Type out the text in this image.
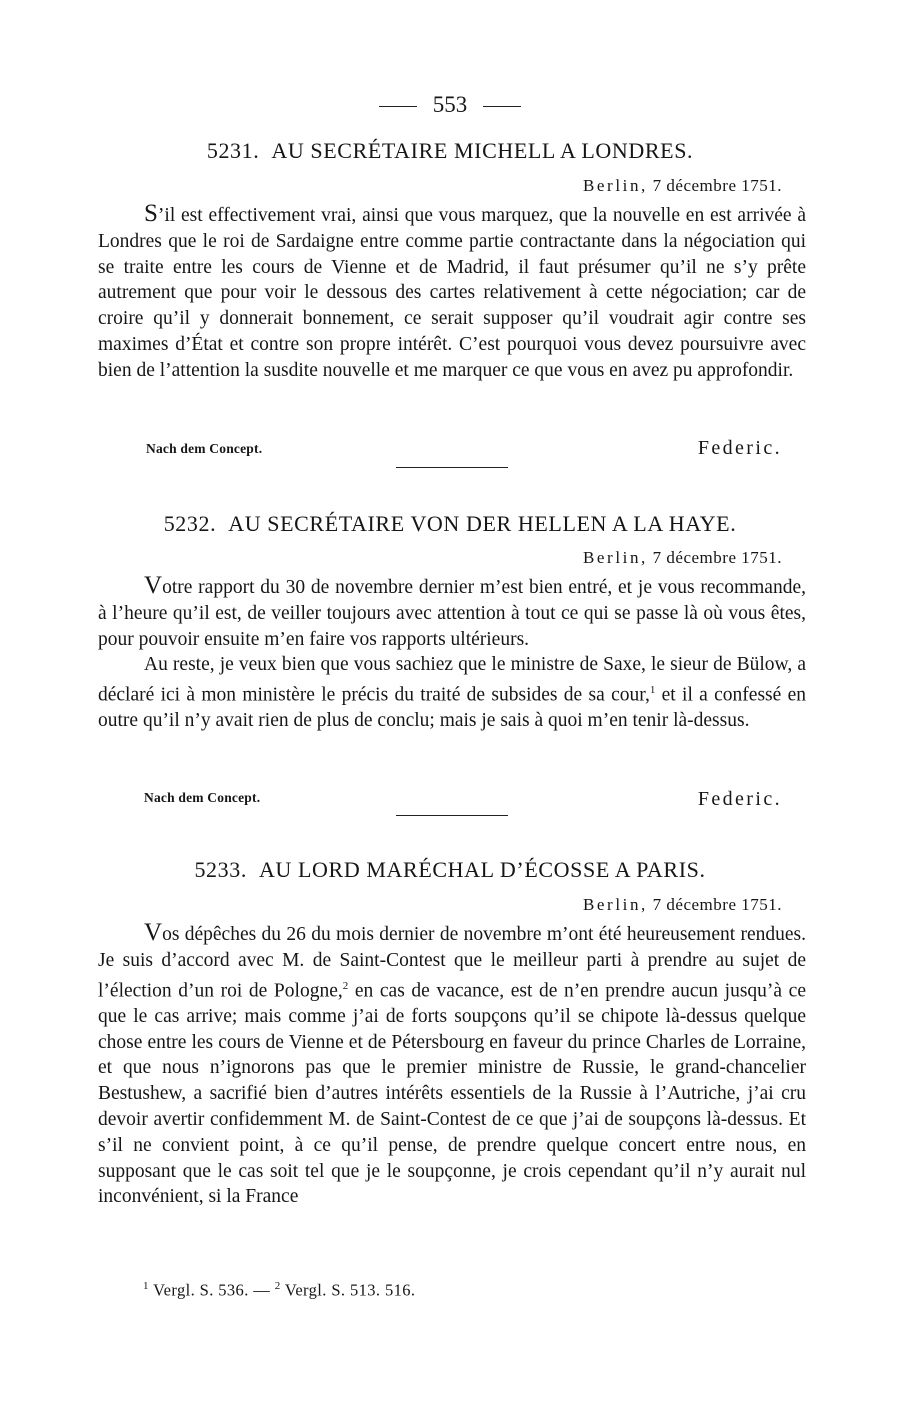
553
5231. AU SECRÉTAIRE MICHELL A LONDRES.
Berlin, 7 décembre 1751.

S’il est effectivement vrai, ainsi que vous marquez, que la nouvelle en est arrivée à Londres que le roi de Sardaigne entre comme partie contractante dans la négociation qui se traite entre les cours de Vienne et de Madrid, il faut présumer qu’il ne s’y prête autrement que pour voir le dessous des cartes relativement à cette négociation; car de croire qu’il y donnerait bonnement, ce serait supposer qu’il voudrait agir contre ses maximes d’État et contre son propre intérêt. C’est pourquoi vous devez poursuivre avec bien de l’attention la susdite nouvelle et me marquer ce que vous en avez pu approfondir.

Nach dem Concept.	Federic.
5232. AU SECRÉTAIRE VON DER HELLEN A LA HAYE.
Berlin, 7 décembre 1751.

Votre rapport du 30 de novembre dernier m’est bien entré, et je vous recommande, à l’heure qu’il est, de veiller toujours avec attention à tout ce qui se passe là où vous êtes, pour pouvoir ensuite m’en faire vos rapports ultérieurs.

Au reste, je veux bien que vous sachiez que le ministre de Saxe, le sieur de Bülow, a déclaré ici à mon ministère le précis du traité de subsides de sa cour,$^1$ et il a confessé en outre qu’il n’y avait rien de plus de conclu; mais je sais à quoi m’en tenir là-dessus.

Nach dem Concept.	Federic.
5233. AU LORD MARÉCHAL D’ÉCOSSE A PARIS.
Berlin, 7 décembre 1751.

Vos dépêches du 26 du mois dernier de novembre m’ont été heureusement rendues. Je suis d’accord avec M. de Saint-Contest que le meilleur parti à prendre au sujet de l’élection d’un roi de Pologne,$^2$ en cas de vacance, est de n’en prendre aucun jusqu’à ce que le cas arrive; mais comme j’ai de forts soupçons qu’il se chipote là-dessus quelque chose entre les cours de Vienne et de Pétersbourg en faveur du prince Charles de Lorraine, et que nous n’ignorons pas que le premier ministre de Russie, le grand-chancelier Bestushew, a sacrifié bien d’autres intérêts essentiels de la Russie à l’Autriche, j’ai cru devoir avertir confidemment M. de Saint-Contest de ce que j’ai de soupçons là-dessus. Et s’il ne convient point, à ce qu’il pense, de prendre quelque concert entre nous, en supposant que le cas soit tel que je le soupçonne, je crois cependant qu’il n’y aurait nul inconvénient, si la France

$^1$ Vergl. S. 536. — $^2$ Vergl. S. 513. 516.
